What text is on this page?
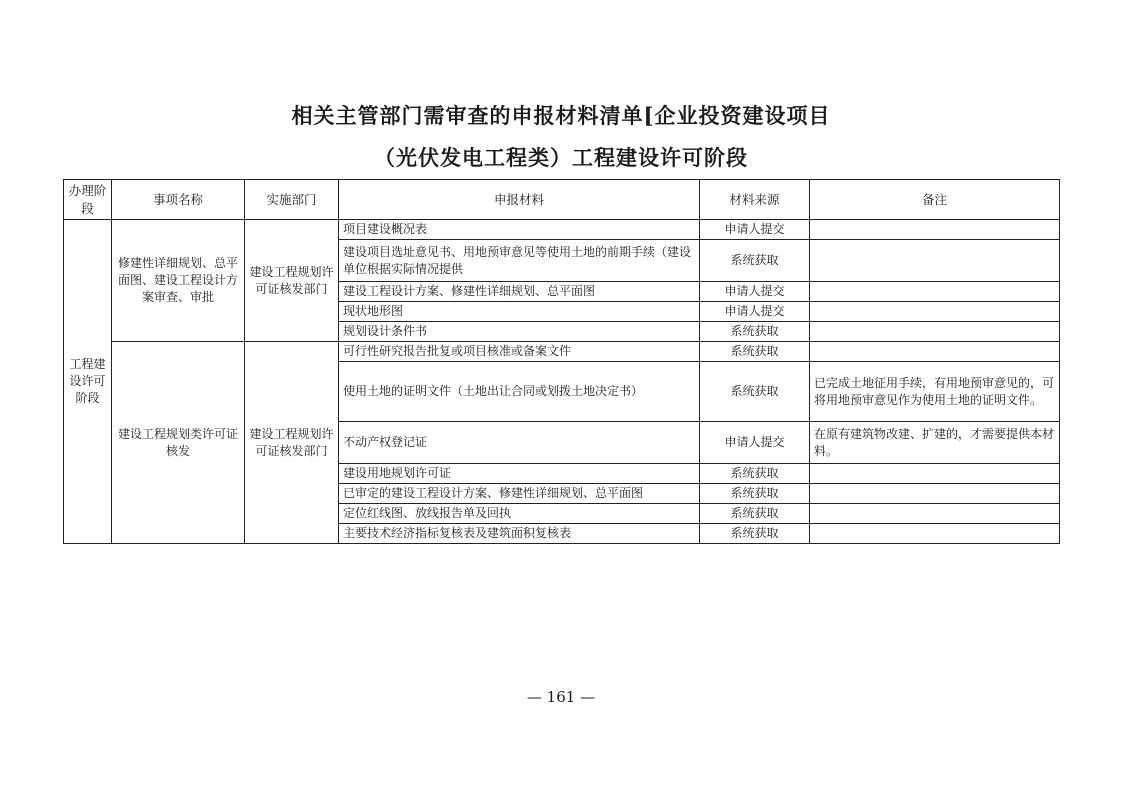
相关主管部门需审查的申报材料清单[企业投资建设项目
（光伏发电工程类）工程建设许可阶段
办理阶段	事项名称	实施部门	申报材料	材料来源	备注
工程建设许可阶段	修建性详细规划、总平面图、建设工程设计方案审查、审批	建设工程规划许可证核发部门	项目建设概况表	申请人提交	
			建设项目选址意见书、用地预审意见等使用土地的前期手续（建设单位根据实际情况提供	系统获取	
			建设工程设计方案、修建性详细规划、总平面图	申请人提交	
			现状地形图	申请人提交	
			规划设计条件书	系统获取	
	建设工程规划类许可证核发	建设工程规划许可证核发部门	可行性研究报告批复或项目核准或备案文件	系统获取	
			使用土地的证明文件（土地出让合同或划拨土地决定书）	系统获取	已完成土地征用手续，有用地预审意见的，可将用地预审意见作为使用土地的证明文件。
			不动产权登记证	申请人提交	在原有建筑物改建、扩建的，才需要提供本材料。
			建设用地规划许可证	系统获取	
			已审定的建设工程设计方案、修建性详细规划、总平面图	系统获取	
			定位红线图、放线报告单及回执	系统获取	
			主要技术经济指标复核表及建筑面积复核表	系统获取	
— 161 —
